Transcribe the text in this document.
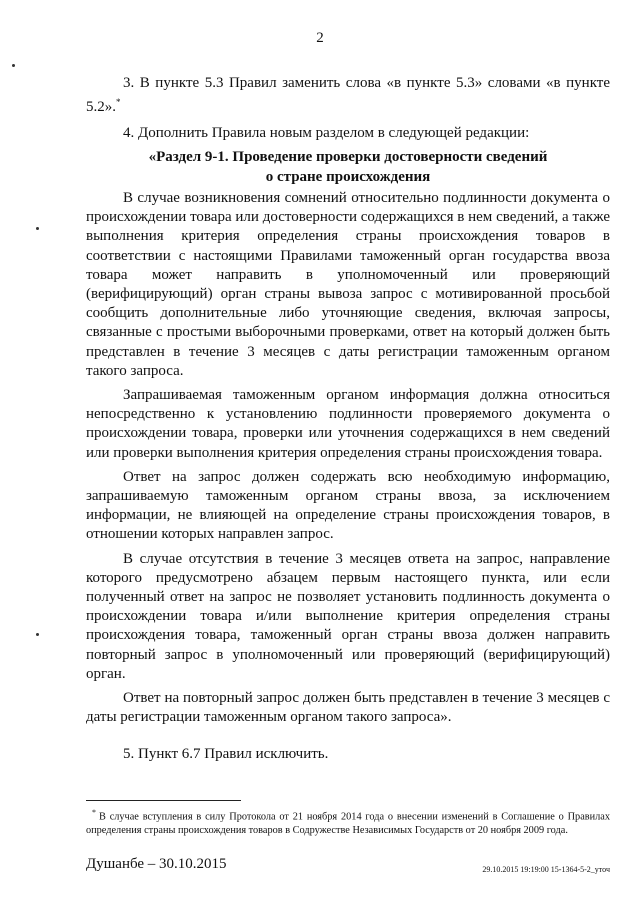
2

3. В пункте 5.3 Правил заменить слова «в пункте 5.3» словами «в пункте 5.2».*

4. Дополнить Правила новым разделом в следующей редакции:

«Раздел 9-1. Проведение проверки достоверности сведений
о стране происхождения

В случае возникновения сомнений относительно подлинности документа о происхождении товара или достоверности содержащихся в нем сведений, а также выполнения критерия определения страны происхождения товаров в соответствии с настоящими Правилами таможенный орган государства ввоза товара может направить в уполномоченный или проверяющий (верифицирующий) орган страны вывоза запрос с мотивированной просьбой сообщить дополнительные либо уточняющие сведения, включая запросы, связанные с простыми выборочными проверками, ответ на который должен быть представлен в течение 3 месяцев с даты регистрации таможенным органом такого запроса.

Запрашиваемая таможенным органом информация должна относиться непосредственно к установлению подлинности проверяемого документа о происхождении товара, проверки или уточнения содержащихся в нем сведений или проверки выполнения критерия определения страны происхождения товара.

Ответ на запрос должен содержать всю необходимую информацию, запрашиваемую таможенным органом страны ввоза, за исключением информации, не влияющей на определение страны происхождения товаров, в отношении которых направлен запрос.

В случае отсутствия в течение 3 месяцев ответа на запрос, направление которого предусмотрено абзацем первым настоящего пункта, или если полученный ответ на запрос не позволяет установить подлинность документа о происхождении товара и/или выполнение критерия определения страны происхождения товара, таможенный орган страны ввоза должен направить повторный запрос в уполномоченный или проверяющий (верифицирующий) орган.

Ответ на повторный запрос должен быть представлен в течение 3 месяцев с даты регистрации таможенным органом такого запроса».

5. Пункт 6.7 Правил исключить.

* В случае вступления в силу Протокола от 21 ноября 2014 года о внесении изменений в Соглашение о Правилах определения страны происхождения товаров в Содружестве Независимых Государств от 20 ноября 2009 года.
Душанбе – 30.10.2015	29.10.2015 19:19:00 15-1364-5-2_уточ
